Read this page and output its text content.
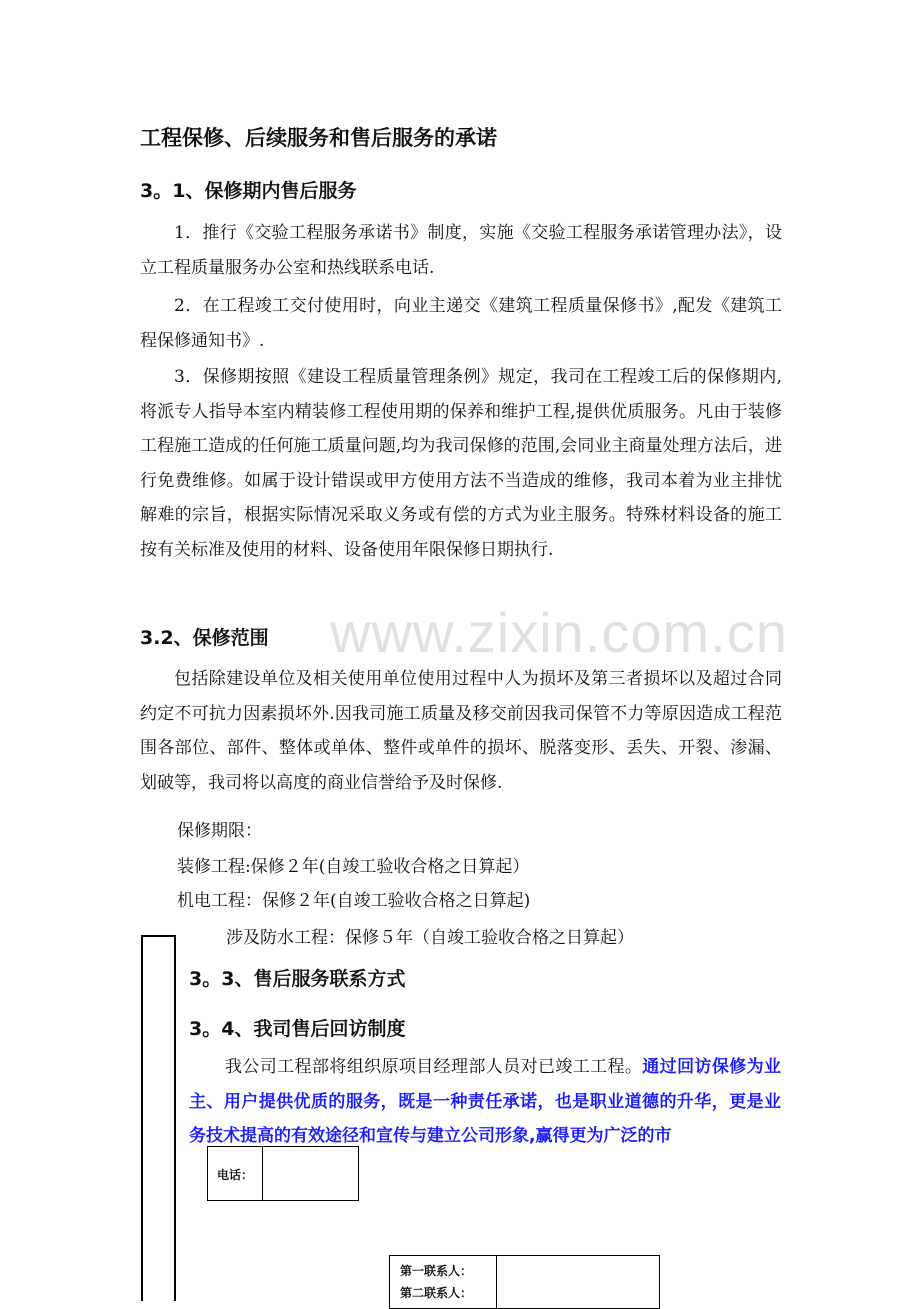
www.zixin.com.cn
工程保修、后续服务和售后服务的承诺
3。1、保修期内售后服务

1．推行《交验工程服务承诺书》制度，实施《交验工程服务承诺管理办法》，设立工程质量服务办公室和热线联系电话.

2．在工程竣工交付使用时，向业主递交《建筑工程质量保修书》,配发《建筑工程保修通知书》.

3．保修期按照《建设工程质量管理条例》规定，我司在工程竣工后的保修期内,将派专人指导本室内精装修工程使用期的保养和维护工程,提供优质服务。凡由于装修工程施工造成的任何施工质量问题,均为我司保修的范围,会同业主商量处理方法后，进行免费维修。如属于设计错误或甲方使用方法不当造成的维修，我司本着为业主排忧解难的宗旨，根据实际情况采取义务或有偿的方式为业主服务。特殊材料设备的施工按有关标准及使用的材料、设备使用年限保修日期执行.

3.2、保修范围

包括除建设单位及相关使用单位使用过程中人为损坏及第三者损坏以及超过合同约定不可抗力因素损坏外.因我司施工质量及移交前因我司保管不力等原因造成工程范围各部位、部件、整体或单体、整件或单件的损坏、脱落变形、丢失、开裂、渗漏、划破等，我司将以高度的商业信誉给予及时保修.

保修期限：

装修工程:保修２年(自竣工验收合格之日算起）

机电工程：保修２年(自竣工验收合格之日算起)

涉及防水工程：保修５年（自竣工验收合格之日算起）

3。3、售后服务联系方式
3。4、我司售后回访制度

我公司工程部将组织原项目经理部人员对已竣工工程。通过回访保修为业主、用户提供优质的服务，既是一种责任承诺，也是职业道德的升华，更是业务技术提高的有效途径和宣传与建立公司形象,赢得更为广泛的市

电话：	
第一联系人：
第二联系人：
